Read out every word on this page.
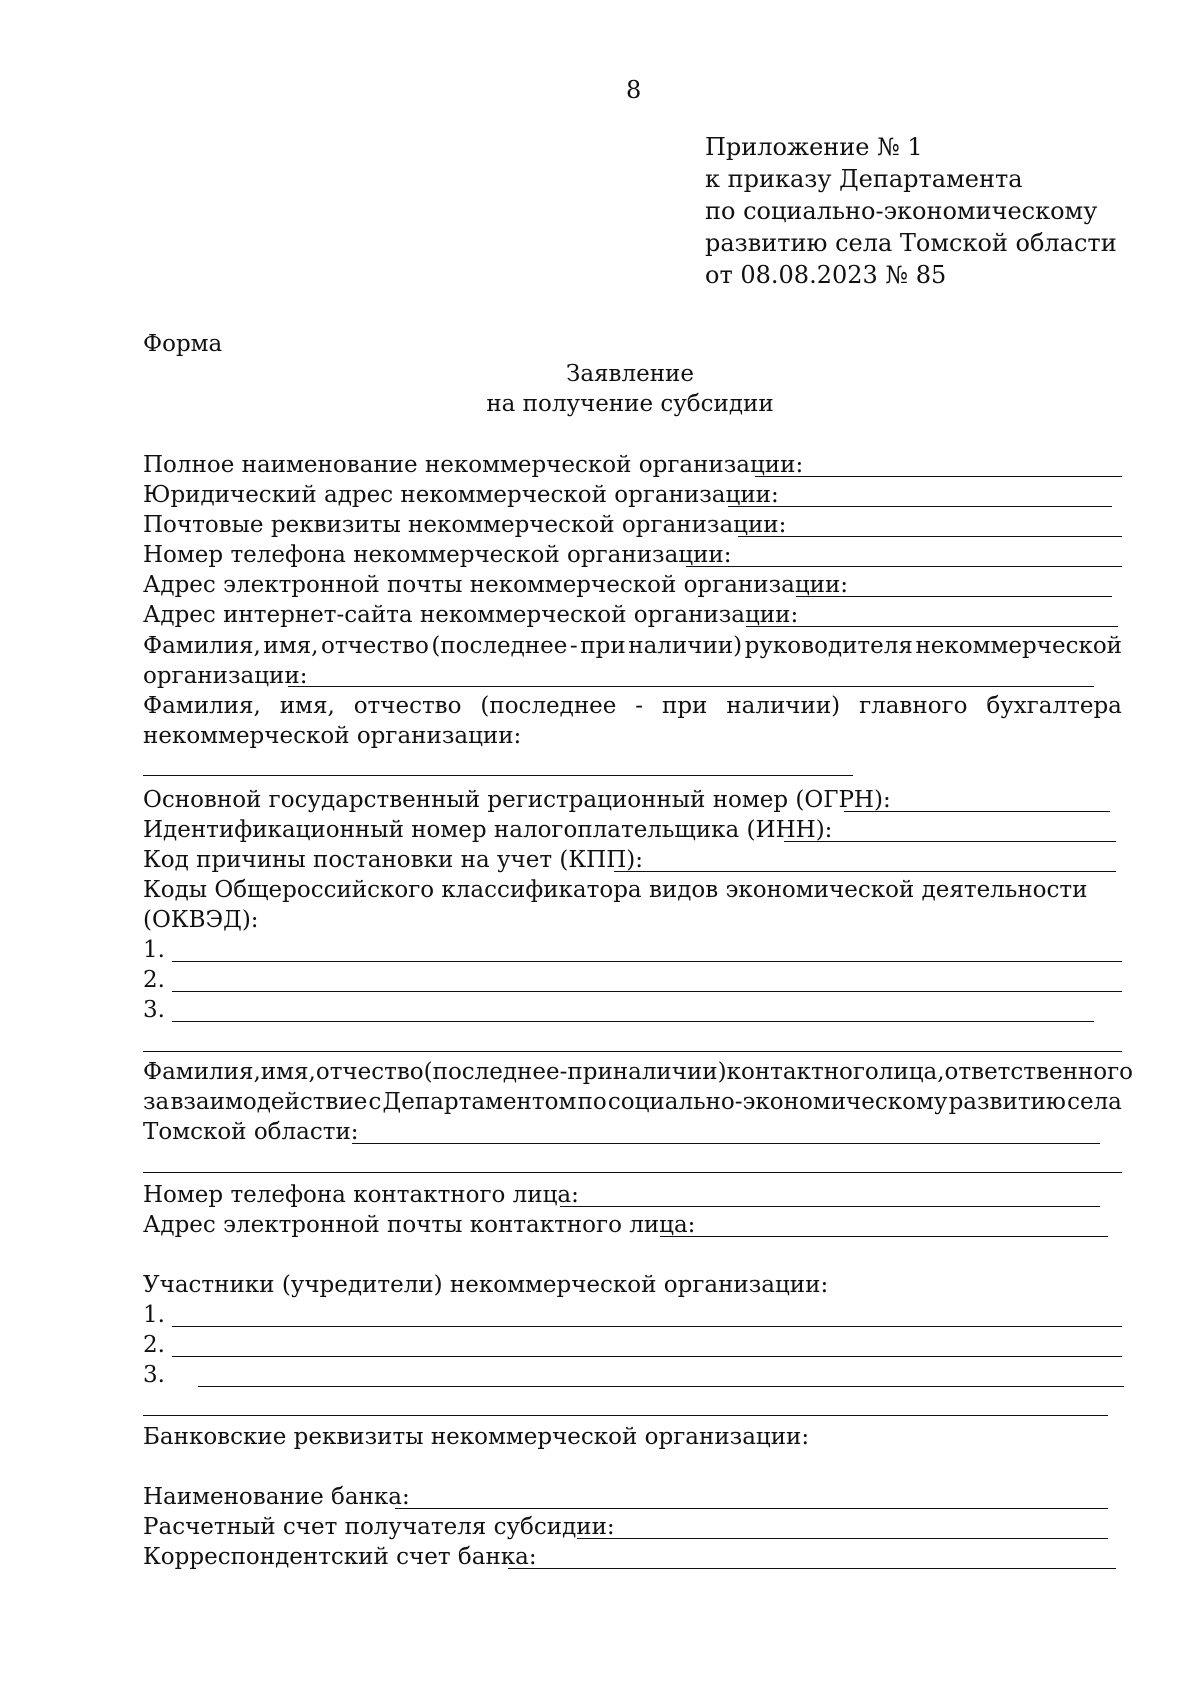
8
Приложение № 1
к приказу Департамента
по социально-экономическому
развитию села Томской области
от 08.08.2023 № 85
Форма
Заявление
на получение субсидии
Полное наименование некоммерческой организации:
Юридический адрес некоммерческой организации:
Почтовые реквизиты некоммерческой организации:
Номер телефона некоммерческой организации:
Адрес электронной почты некоммерческой организации:
Адрес интернет-сайта некоммерческой организации:
Фамилия, имя, отчество (последнее - при наличии) руководителя некоммерческой
организации:
Фамилия, имя, отчество (последнее - при наличии) главного бухгалтера
некоммерческой организации:
Основной государственный регистрационный номер (ОГРН):
Идентификационный номер налогоплательщика (ИНН):
Код причины постановки на учет (КПП):
Коды Общероссийского классификатора видов экономической деятельности
(ОКВЭД):
1.
2.
3.
Фамилия, имя, отчество (последнее - при наличии) контактного лица, ответственного
за взаимодействие с Департаментом по социально-экономическому развитию села
Томской области:
Номер телефона контактного лица:
Адрес электронной почты контактного лица:
Участники (учредители) некоммерческой организации:
1.
2.
3.
Банковские реквизиты некоммерческой организации:
Наименование банка:
Расчетный счет получателя субсидии:
Корреспондентский счет банка:
